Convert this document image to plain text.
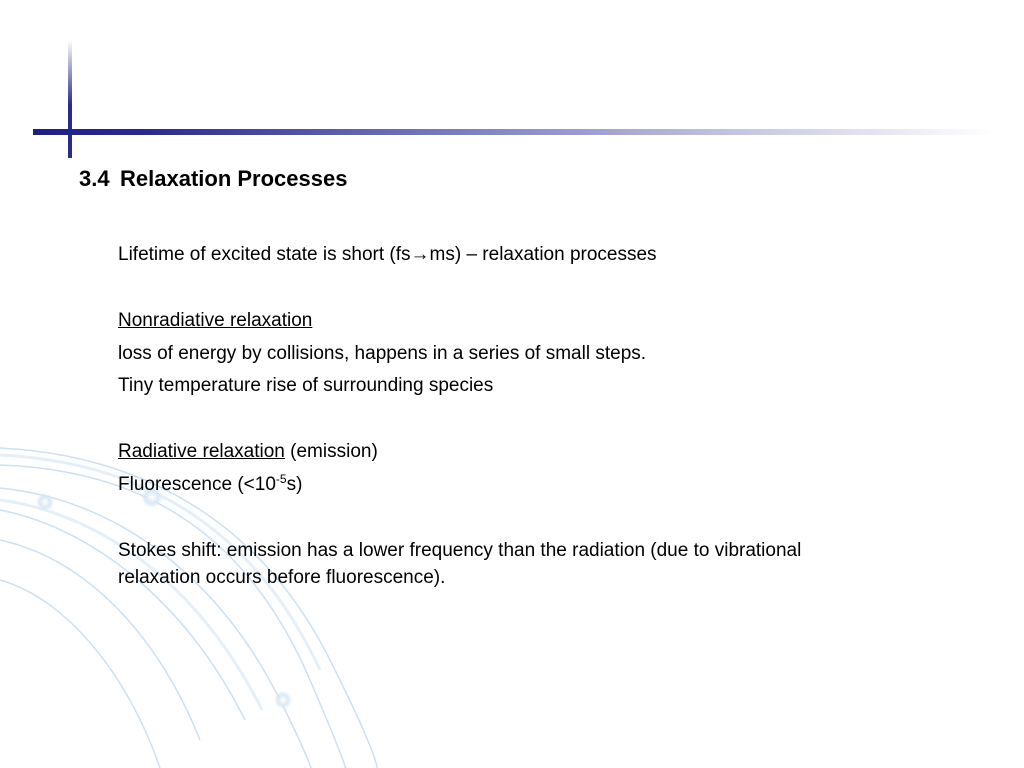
3.4 Relaxation Processes
Lifetime of excited state is short (fs→ms) – relaxation processes
Nonradiative relaxation
loss of energy by collisions, happens in a series of small steps.
Tiny temperature rise of surrounding species
Radiative relaxation (emission)
Fluorescence $(<10^{-5}s)$
Stokes shift: emission has a lower frequency than the radiation (due to vibrational
relaxation occurs before fluorescence).
